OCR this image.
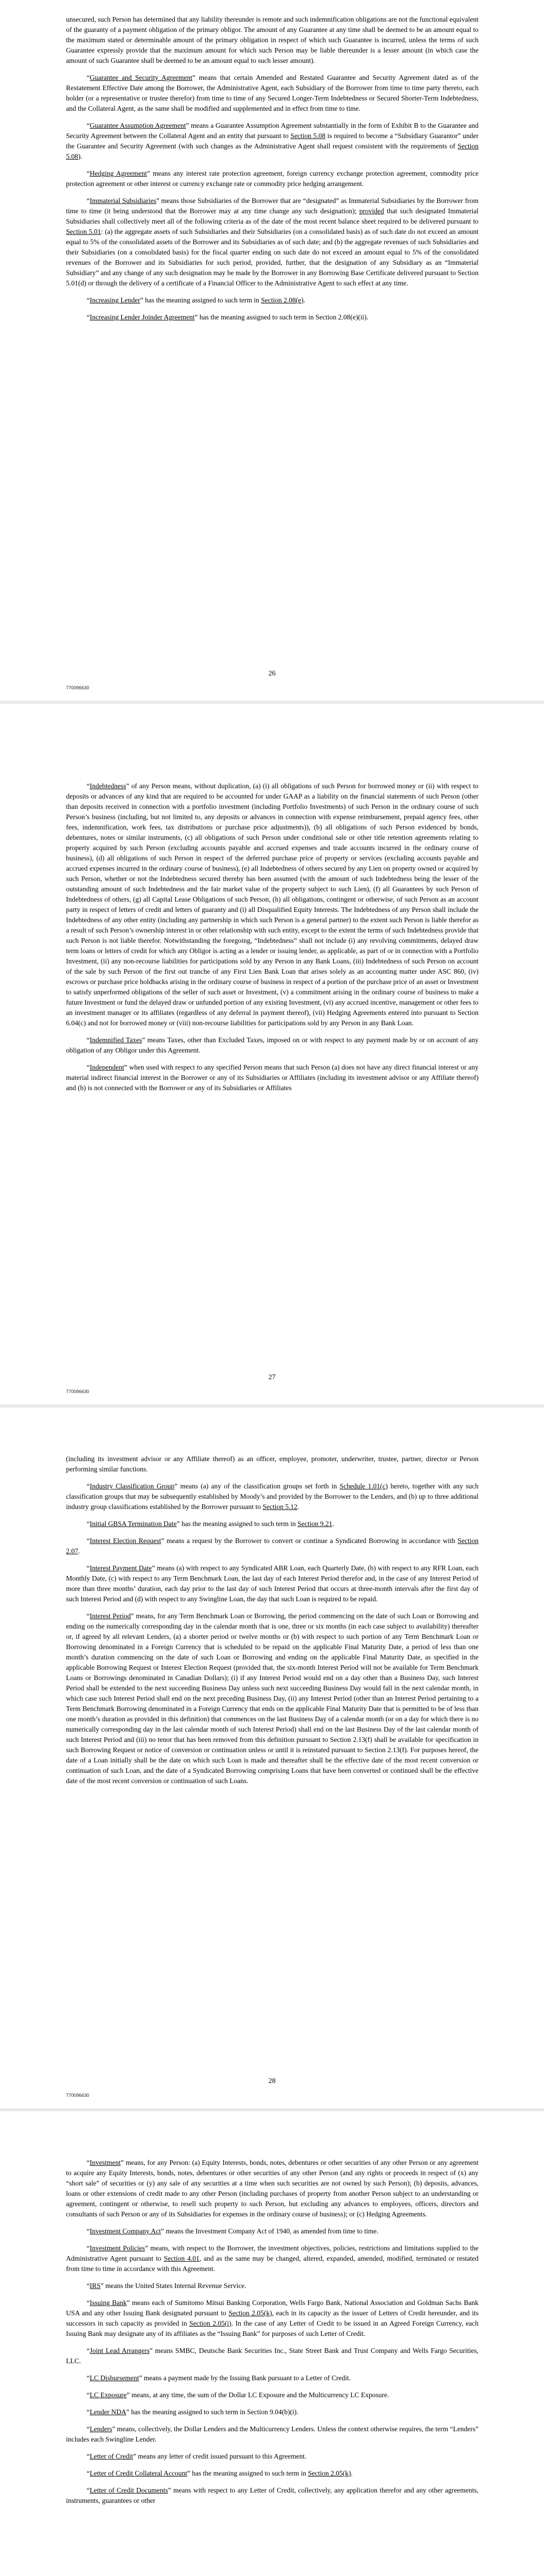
unsecured, such Person has determined that any liability thereunder is remote and such indemnification obligations are not the functional equivalent of the guaranty of a payment obligation of the primary obligor. The amount of any Guarantee at any time shall be deemed to be an amount equal to the maximum stated or determinable amount of the primary obligation in respect of which such Guarantee is incurred, unless the terms of such Guarantee expressly provide that the maximum amount for which such Person may be liable thereunder is a lesser amount (in which case the amount of such Guarantee shall be deemed to be an amount equal to such lesser amount).

“Guarantee and Security Agreement” means that certain Amended and Restated Guarantee and Security Agreement dated as of the Restatement Effective Date among the Borrower, the Administrative Agent, each Subsidiary of the Borrower from time to time party thereto, each holder (or a representative or trustee therefor) from time to time of any Secured Longer-Term Indebtedness or Secured Shorter-Term Indebtedness, and the Collateral Agent, as the same shall be modified and supplemented and in effect from time to time.

“Guarantee Assumption Agreement” means a Guarantee Assumption Agreement substantially in the form of Exhibit B to the Guarantee and Security Agreement between the Collateral Agent and an entity that pursuant to Section 5.08 is required to become a “Subsidiary Guarantor” under the Guarantee and Security Agreement (with such changes as the Administrative Agent shall request consistent with the requirements of Section 5.08).

“Hedging Agreement” means any interest rate protection agreement, foreign currency exchange protection agreement, commodity price protection agreement or other interest or currency exchange rate or commodity price hedging arrangement.

“Immaterial Subsidiaries” means those Subsidiaries of the Borrower that are “designated” as Immaterial Subsidiaries by the Borrower from time to time (it being understood that the Borrower may at any time change any such designation); provided that such designated Immaterial Subsidiaries shall collectively meet all of the following criteria as of the date of the most recent balance sheet required to be delivered pursuant to Section 5.01: (a) the aggregate assets of such Subsidiaries and their Subsidiaries (on a consolidated basis) as of such date do not exceed an amount equal to 5% of the consolidated assets of the Borrower and its Subsidiaries as of such date; and (b) the aggregate revenues of such Subsidiaries and their Subsidiaries (on a consolidated basis) for the fiscal quarter ending on such date do not exceed an amount equal to 5% of the consolidated revenues of the Borrower and its Subsidiaries for such period, provided, further, that the designation of any Subsidiary as an “Immaterial Subsidiary” and any change of any such designation may be made by the Borrower in any Borrowing Base Certificate delivered pursuant to Section 5.01(d) or through the delivery of a certificate of a Financial Officer to the Administrative Agent to such effect at any time.

“Increasing Lender” has the meaning assigned to such term in Section 2.08(e).

“Increasing Lender Joinder Agreement” has the meaning assigned to such term in Section 2.08(e)(ii).

26
770096630

“Indebtedness” of any Person means, without duplication, (a) (i) all obligations of such Person for borrowed money or (ii) with respect to deposits or advances of any kind that are required to be accounted for under GAAP as a liability on the financial statements of such Person (other than deposits received in connection with a portfolio investment (including Portfolio Investments) of such Person in the ordinary course of such Person’s business (including, but not limited to, any deposits or advances in connection with expense reimbursement, prepaid agency fees, other fees, indemnification, work fees, tax distributions or purchase price adjustments)), (b) all obligations of such Person evidenced by bonds, debentures, notes or similar instruments, (c) all obligations of such Person under conditional sale or other title retention agreements relating to property acquired by such Person (excluding accounts payable and accrued expenses and trade accounts incurred in the ordinary course of business), (d) all obligations of such Person in respect of the deferred purchase price of property or services (excluding accounts payable and accrued expenses incurred in the ordinary course of business), (e) all Indebtedness of others secured by any Lien on property owned or acquired by such Person, whether or not the Indebtedness secured thereby has been assumed (with the amount of such Indebtedness being the lesser of the outstanding amount of such Indebtedness and the fair market value of the property subject to such Lien), (f) all Guarantees by such Person of Indebtedness of others, (g) all Capital Lease Obligations of such Person, (h) all obligations, contingent or otherwise, of such Person as an account party in respect of letters of credit and letters of guaranty and (i) all Disqualified Equity Interests. The Indebtedness of any Person shall include the Indebtedness of any other entity (including any partnership in which such Person is a general partner) to the extent such Person is liable therefor as a result of such Person’s ownership interest in or other relationship with such entity, except to the extent the terms of such Indebtedness provide that such Person is not liable therefor. Notwithstanding the foregoing, “Indebtedness” shall not include (i) any revolving commitments, delayed draw term loans or letters of credit for which any Obligor is acting as a lender or issuing lender, as applicable, as part of or in connection with a Portfolio Investment, (ii) any non-recourse liabilities for participations sold by any Person in any Bank Loans, (iii) Indebtedness of such Person on account of the sale by such Person of the first out tranche of any First Lien Bank Loan that arises solely as an accounting matter under ASC 860, (iv) escrows or purchase price holdbacks arising in the ordinary course of business in respect of a portion of the purchase price of an asset or Investment to satisfy unperformed obligations of the seller of such asset or Investment, (v) a commitment arising in the ordinary course of business to make a future Investment or fund the delayed draw or unfunded portion of any existing Investment, (vi) any accrued incentive, management or other fees to an investment manager or its affiliates (regardless of any deferral in payment thereof), (vii) Hedging Agreements entered into pursuant to Section 6.04(c) and not for borrowed money or (viii) non-recourse liabilities for participations sold by any Person in any Bank Loan.

“Indemnified Taxes” means Taxes, other than Excluded Taxes, imposed on or with respect to any payment made by or on account of any obligation of any Obligor under this Agreement.

“Independent” when used with respect to any specified Person means that such Person (a) does not have any direct financial interest or any material indirect financial interest in the Borrower or any of its Subsidiaries or Affiliates (including its investment advisor or any Affiliate thereof) and (b) is not connected with the Borrower or any of its Subsidiaries or Affiliates

27
770096630

(including its investment advisor or any Affiliate thereof) as an officer, employee, promoter, underwriter, trustee, partner, director or Person performing similar functions.

“Industry Classification Group” means (a) any of the classification groups set forth in Schedule 1.01(c) hereto, together with any such classification groups that may be subsequently established by Moody’s and provided by the Borrower to the Lenders, and (b) up to three additional industry group classifications established by the Borrower pursuant to Section 5.12.

“Initial GBSA Termination Date” has the meaning assigned to such term in Section 9.21.

“Interest Election Request” means a request by the Borrower to convert or continue a Syndicated Borrowing in accordance with Section 2.07.

“Interest Payment Date” means (a) with respect to any Syndicated ABR Loan, each Quarterly Date, (b) with respect to any RFR Loan, each Monthly Date, (c) with respect to any Term Benchmark Loan, the last day of each Interest Period therefor and, in the case of any Interest Period of more than three months’ duration, each day prior to the last day of such Interest Period that occurs at three-month intervals after the first day of such Interest Period and (d) with respect to any Swingline Loan, the day that such Loan is required to be repaid.

“Interest Period” means, for any Term Benchmark Loan or Borrowing, the period commencing on the date of such Loan or Borrowing and ending on the numerically corresponding day in the calendar month that is one, three or six months (in each case subject to availability) thereafter or, if agreed by all relevant Lenders, (a) a shorter period or twelve months or (b) with respect to such portion of any Term Benchmark Loan or Borrowing denominated in a Foreign Currency that is scheduled to be repaid on the applicable Final Maturity Date, a period of less than one month’s duration commencing on the date of such Loan or Borrowing and ending on the applicable Final Maturity Date, as specified in the applicable Borrowing Request or Interest Election Request (provided that, the six-month Interest Period will not be available for Term Benchmark Loans or Borrowings denominated in Canadian Dollars); (i) if any Interest Period would end on a day other than a Business Day, such Interest Period shall be extended to the next succeeding Business Day unless such next succeeding Business Day would fall in the next calendar month, in which case such Interest Period shall end on the next preceding Business Day, (ii) any Interest Period (other than an Interest Period pertaining to a Term Benchmark Borrowing denominated in a Foreign Currency that ends on the applicable Final Maturity Date that is permitted to be of less than one month’s duration as provided in this definition) that commences on the last Business Day of a calendar month (or on a day for which there is no numerically corresponding day in the last calendar month of such Interest Period) shall end on the last Business Day of the last calendar month of such Interest Period and (iii) no tenor that has been removed from this definition pursuant to Section 2.13(f) shall be available for specification in such Borrowing Request or notice of conversion or continuation unless or until it is reinstated pursuant to Section 2.13(f). For purposes hereof, the date of a Loan initially shall be the date on which such Loan is made and thereafter shall be the effective date of the most recent conversion or continuation of such Loan, and the date of a Syndicated Borrowing comprising Loans that have been converted or continued shall be the effective date of the most recent conversion or continuation of such Loans.

28
770096630

“Investment” means, for any Person: (a) Equity Interests, bonds, notes, debentures or other securities of any other Person or any agreement to acquire any Equity Interests, bonds, notes, debentures or other securities of any other Person (and any rights or proceeds in respect of (x) any “short sale” of securities or (y) any sale of any securities at a time when such securities are not owned by such Person); (b) deposits, advances, loans or other extensions of credit made to any other Person (including purchases of property from another Person subject to an understanding or agreement, contingent or otherwise, to resell such property to such Person, but excluding any advances to employees, officers, directors and consultants of such Person or any of its Subsidiaries for expenses in the ordinary course of business); or (c) Hedging Agreements.

“Investment Company Act” means the Investment Company Act of 1940, as amended from time to time.

“Investment Policies” means, with respect to the Borrower, the investment objectives, policies, restrictions and limitations supplied to the Administrative Agent pursuant to Section 4.01, and as the same may be changed, altered, expanded, amended, modified, terminated or restated from time to time in accordance with this Agreement.

“IRS” means the United States Internal Revenue Service.

“Issuing Bank” means each of Sumitomo Mitsui Banking Corporation, Wells Fargo Bank, National Association and Goldman Sachs Bank USA and any other Issuing Bank designated pursuant to Section 2.05(k), each in its capacity as the issuer of Letters of Credit hereunder, and its successors in such capacity as provided in Section 2.05(i). In the case of any Letter of Credit to be issued in an Agreed Foreign Currency, each Issuing Bank may designate any of its affiliates as the “Issuing Bank” for purposes of such Letter of Credit.

“Joint Lead Arrangers” means SMBC, Deutsche Bank Securities Inc., State Street Bank and Trust Company and Wells Fargo Securities, LLC.

“LC Disbursement” means a payment made by the Issuing Bank pursuant to a Letter of Credit.

“LC Exposure” means, at any time, the sum of the Dollar LC Exposure and the Multicurrency LC Exposure.

“Lender NDA” has the meaning assigned to such term in Section 9.04(b)(i).

“Lenders” means, collectively, the Dollar Lenders and the Multicurrency Lenders. Unless the context otherwise requires, the term “Lenders” includes each Swingline Lender.

“Letter of Credit” means any letter of credit issued pursuant to this Agreement.

“Letter of Credit Collateral Account” has the meaning assigned to such term in Section 2.05(k).

“Letter of Credit Documents” means with respect to any Letter of Credit, collectively, any application therefor and any other agreements, instruments, guarantees or other
